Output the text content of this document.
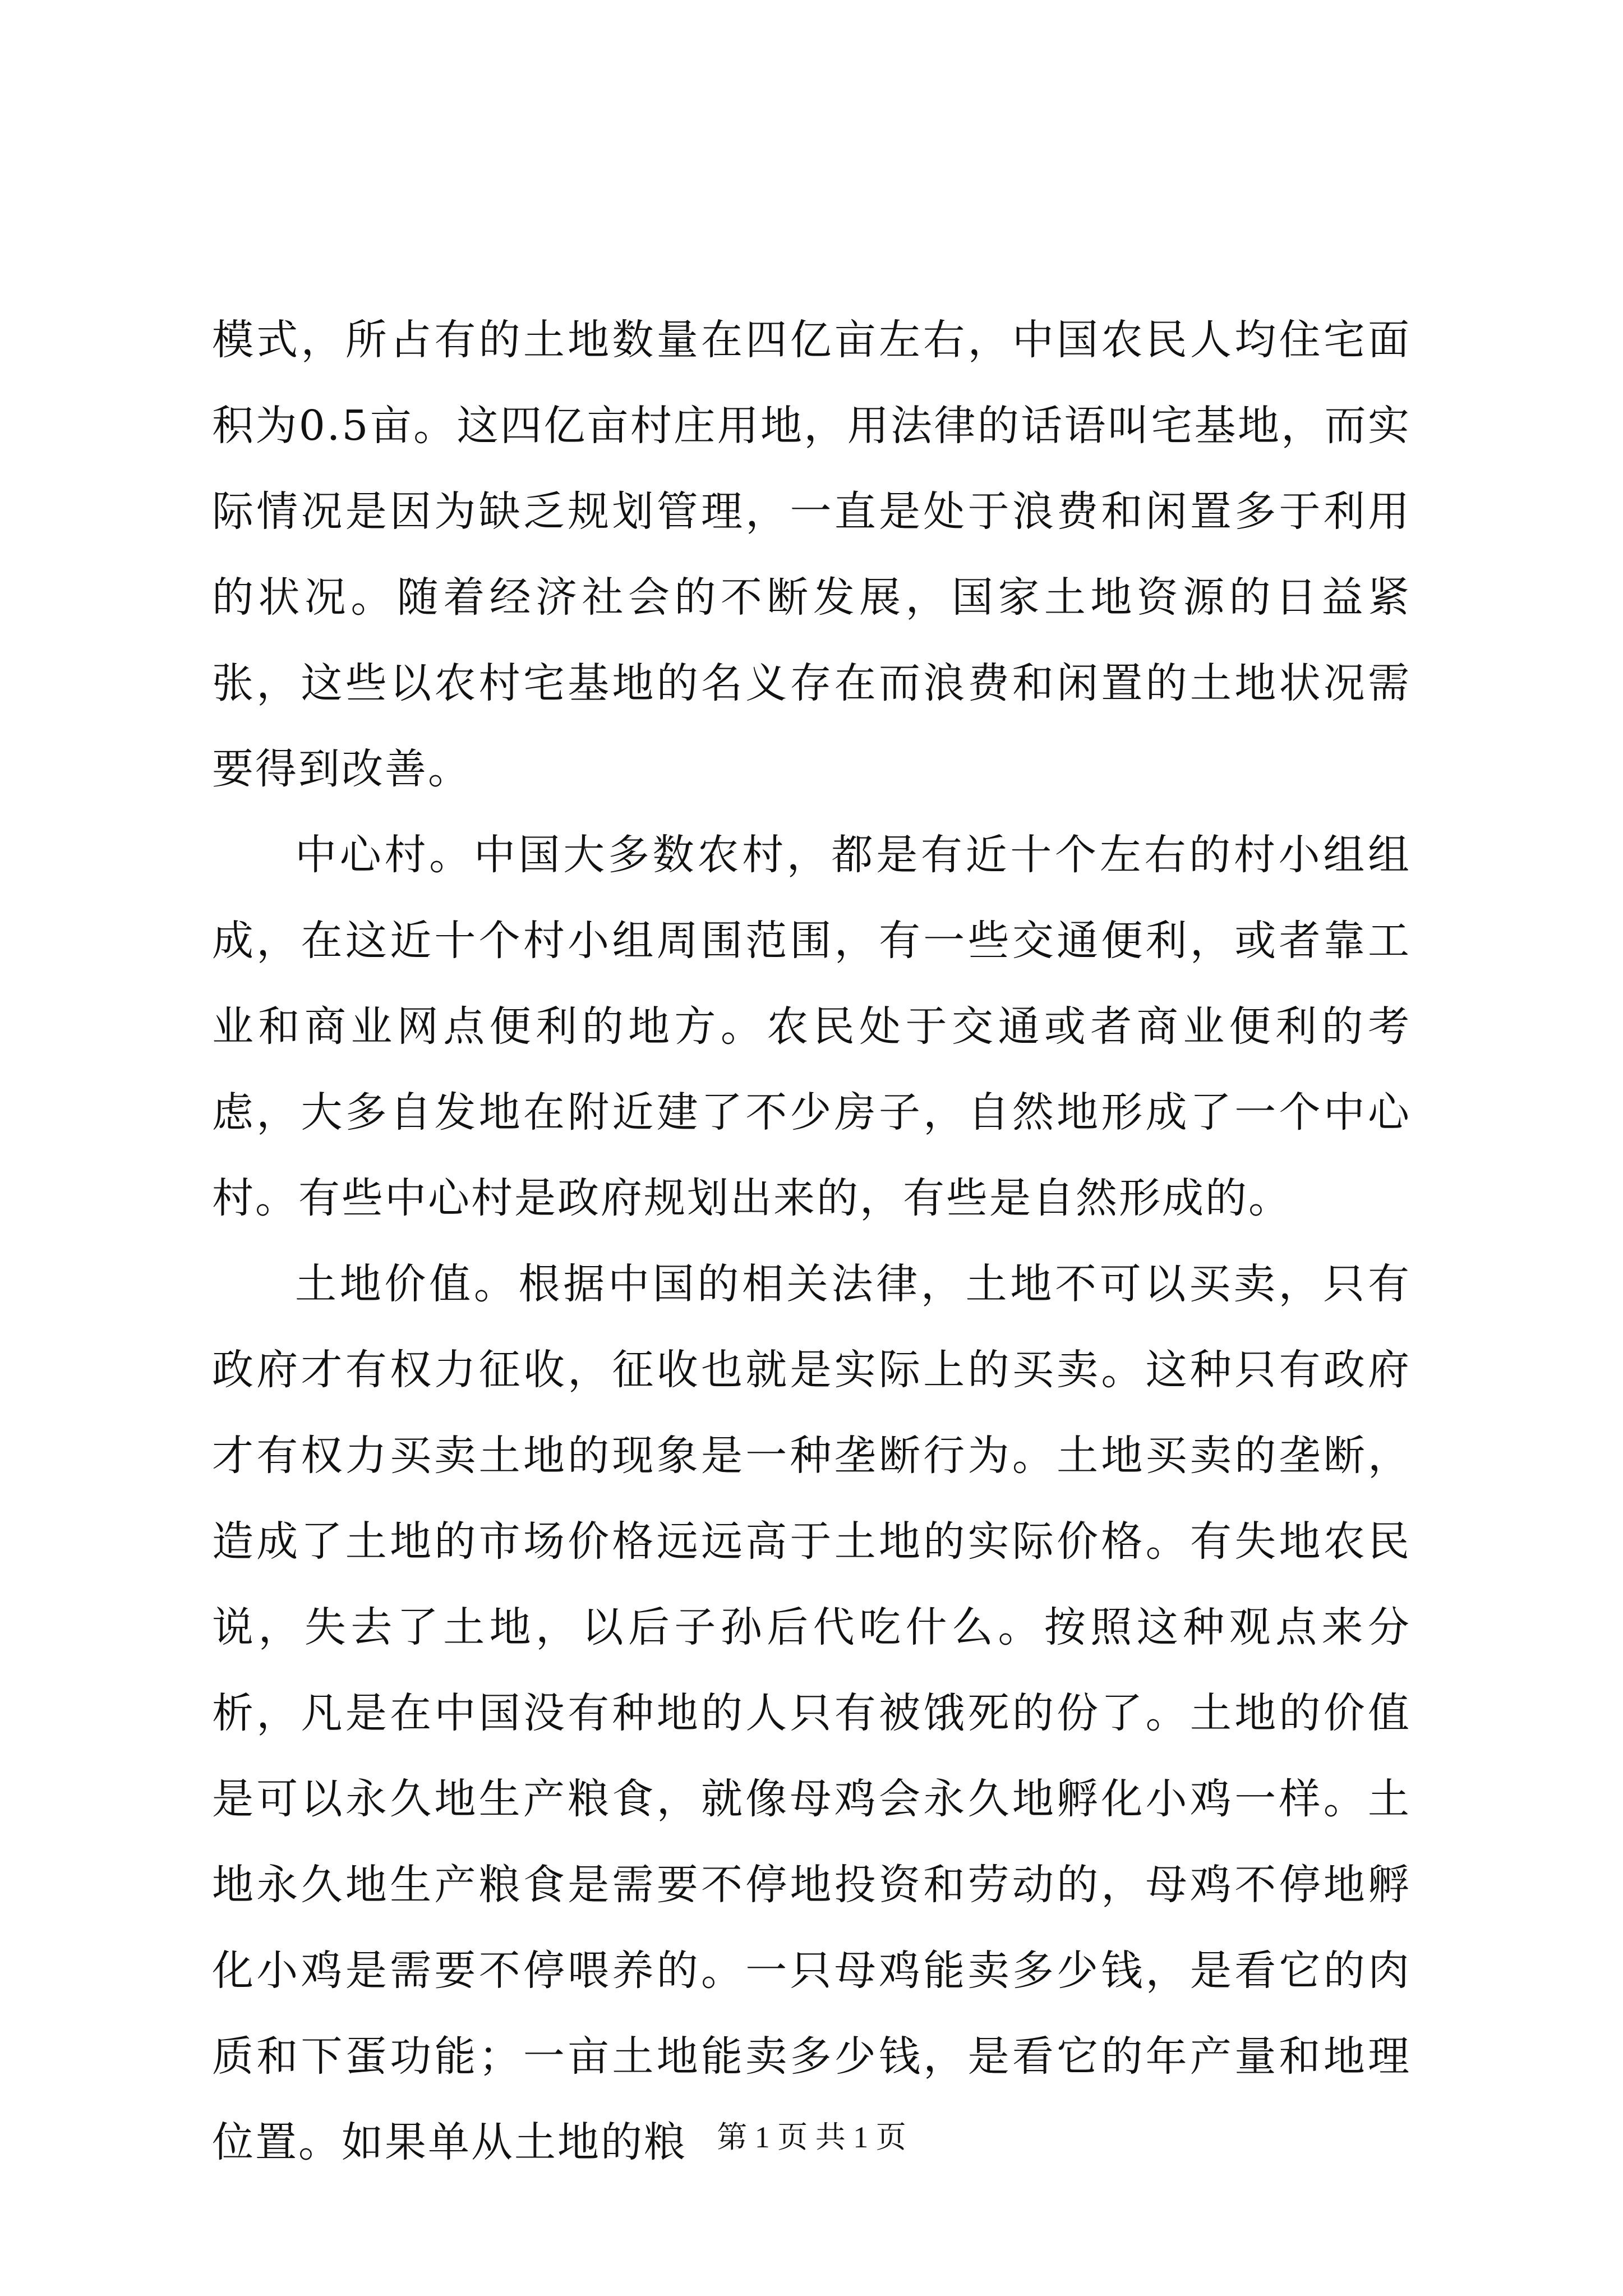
模式，所占有的土地数量在四亿亩左右，中国农民人均住宅面积为0.5亩。这四亿亩村庄用地，用法律的话语叫宅基地，而实际情况是因为缺乏规划管理，一直是处于浪费和闲置多于利用的状况。随着经济社会的不断发展，国家土地资源的日益紧张，这些以农村宅基地的名义存在而浪费和闲置的土地状况需要得到改善。

中心村。中国大多数农村，都是有近十个左右的村小组组成，在这近十个村小组周围范围，有一些交通便利，或者靠工业和商业网点便利的地方。农民处于交通或者商业便利的考虑，大多自发地在附近建了不少房子，自然地形成了一个中心村。有些中心村是政府规划出来的，有些是自然形成的。

土地价值。根据中国的相关法律，土地不可以买卖，只有政府才有权力征收，征收也就是实际上的买卖。这种只有政府才有权力买卖土地的现象是一种垄断行为。土地买卖的垄断，造成了土地的市场价格远远高于土地的实际价格。有失地农民说，失去了土地，以后子孙后代吃什么。按照这种观点来分析，凡是在中国没有种地的人只有被饿死的份了。土地的价值是可以永久地生产粮食，就像母鸡会永久地孵化小鸡一样。土地永久地生产粮食是需要不停地投资和劳动的，母鸡不停地孵化小鸡是需要不停喂养的。一只母鸡能卖多少钱，是看它的肉质和下蛋功能；一亩土地能卖多少钱，是看它的年产量和地理位置。如果单从土地的粮 第 1 页 共 1 页
